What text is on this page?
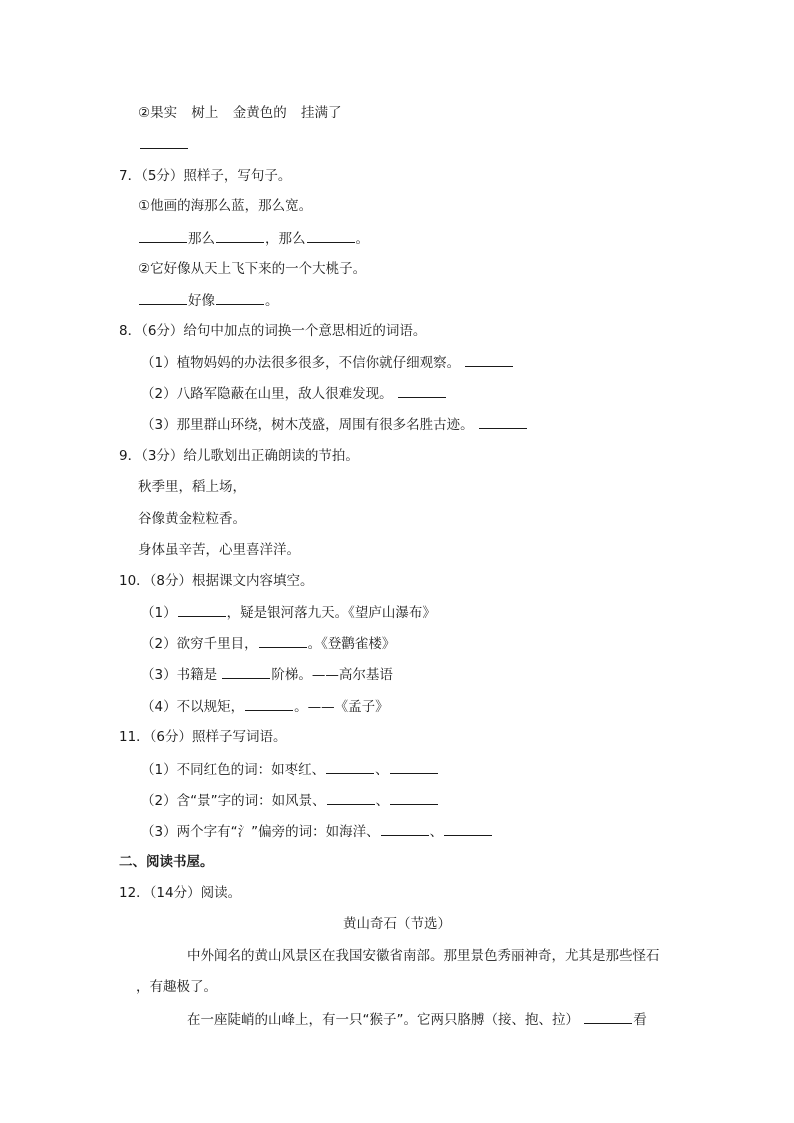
②果实 树上 金黄色的 挂满了
7．（5分）照样子，写句子。
①他画的海那么蓝，那么宽。
那么	，那么	。
②它好像从天上飞下来的一个大桃子。
好像	。
8．（6分）给句中加点的词换一个意思相近的词语。
（1）植物妈妈的办法很多很多，不信你就仔细观察。
（2）八路军隐蔽在山里，敌人很难发现。
（3）那里群山环绕，树木茂盛，周围有很多名胜古迹。
9．（3分）给儿歌划出正确朗读的节拍。
秋季里，稻上场，
谷像黄金粒粒香。
身体虽辛苦，心里喜洋洋。
10．（8分）根据课文内容填空。
（1）	，疑是银河落九天。《望庐山瀑布》
（2）欲穷千里目，	。《登鹳雀楼》
（3）书籍是	阶梯。——高尔基语
（4）不以规矩，	。——《孟子》
11．（6分）照样子写词语。
（1）不同红色的词：如枣红、	、
（2）含“景”字的词：如风景、	、
（3）两个字有“氵”偏旁的词：如海洋、	、
二、阅读书屋。
12．（14分）阅读。
黄山奇石（节选）
中外闻名的黄山风景区在我国安徽省南部。那里景色秀丽神奇，尤其是那些怪石
，有趣极了。
在一座陡峭的山峰上，有一只“猴子”。它两只胳膊（接、抱、拉）	看
